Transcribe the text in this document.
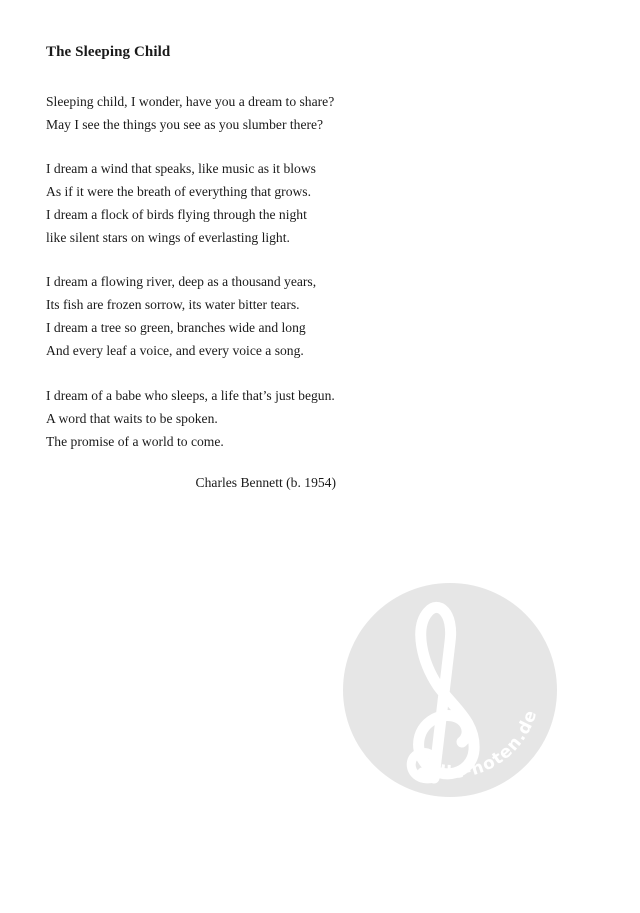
The Sleeping Child
Sleeping child, I wonder, have you a dream to share?
May I see the things you see as you slumber there?
I dream a wind that speaks, like music as it blows
As if it were the breath of everything that grows.
I dream a flock of birds flying through the night
like silent stars on wings of everlasting light.
I dream a flowing river, deep as a thousand years,
Its fish are frozen sorrow, its water bitter tears.
I dream a tree so green, branches wide and long
And every leaf a voice, and every voice a song.
I dream of a babe who sleeps, a life that’s just begun.
A word that waits to be spoken.
The promise of a world to come.
Charles Bennett (b. 1954)
alle-noten.de
